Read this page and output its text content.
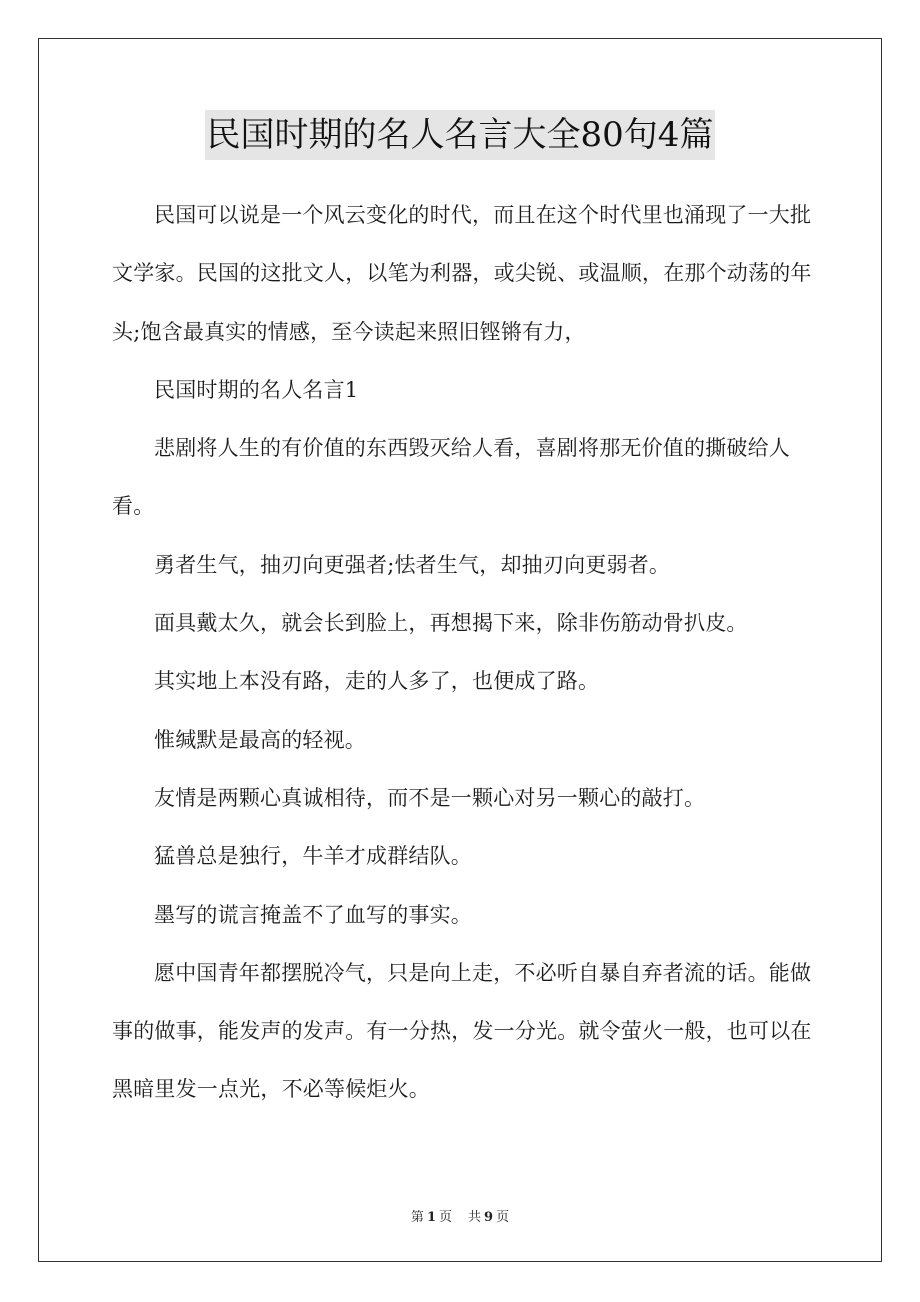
民国时期的名人名言大全80句4篇

民国可以说是一个风云变化的时代，而且在这个时代里也涌现了一大批文学家。民国的这批文人，以笔为利器，或尖锐、或温顺，在那个动荡的年头;饱含最真实的情感，至今读起来照旧铿锵有力，

民国时期的名人名言1

悲剧将人生的有价值的东西毁灭给人看，喜剧将那无价值的撕破给人看。

勇者生气，抽刃向更强者;怯者生气，却抽刃向更弱者。

面具戴太久，就会长到脸上，再想揭下来，除非伤筋动骨扒皮。

其实地上本没有路，走的人多了，也便成了路。

惟缄默是最高的轻视。

友情是两颗心真诚相待，而不是一颗心对另一颗心的敲打。

猛兽总是独行，牛羊才成群结队。

墨写的谎言掩盖不了血写的事实。

愿中国青年都摆脱冷气，只是向上走，不必听自暴自弃者流的话。能做事的做事，能发声的发声。有一分热，发一分光。就令萤火一般，也可以在黑暗里发一点光，不必等候炬火。

第 1 页 共 9 页
